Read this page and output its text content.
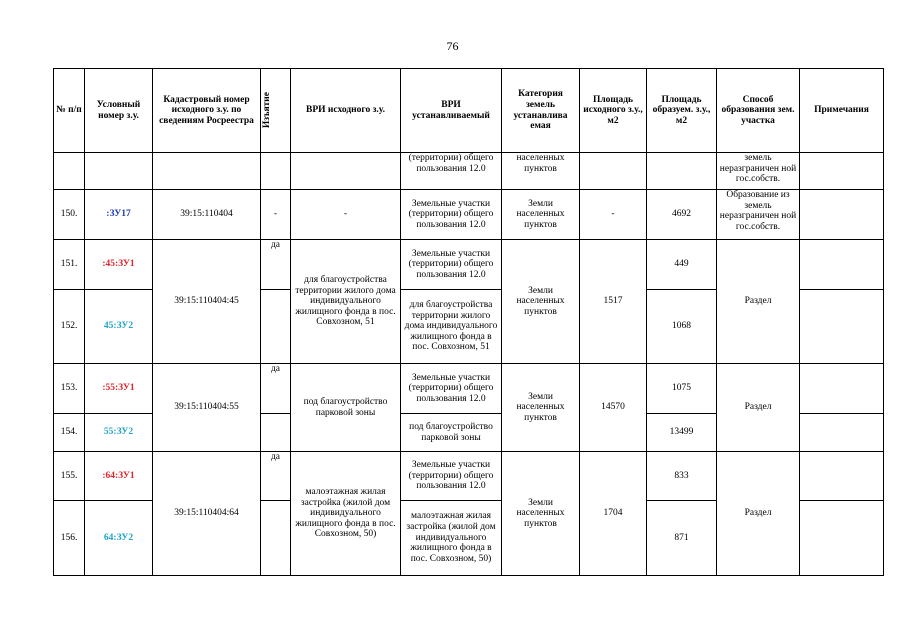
76
№ п/п	Условный номер з.у.	Кадастровый номер исходного з.у. по сведениям Росреестра	Изъятие	ВРИ исходного з.у.	ВРИ устанавливаемый	Категория земель устанавлива емая	Площадь исходного з.у., м2	Площадь образуем. з.у., м2	Способ образования зем. участка	Примечания
					(территории) общего пользования 12.0	населенных пунктов			земель неразграничен ной гос.собств.	
150.	:ЗУ17	39:15:110404	-	-	Земельные участки (территории) общего пользования 12.0	Земли населенных пунктов	-	4692	Образование из земель неразграничен ной гос.собств.	
151.	:45:ЗУ1	39:15:110404:45	да	для благоустройства территории жилого дома индивидуального жилищного фонда в пос. Совхозном, 51	Земельные участки (территории) общего пользования 12.0	Земли населенных пунктов	1517	449	Раздел	
152.	45:ЗУ2				для благоустройства территории жилого дома индивидуального жилищного фонда в пос. Совхозном, 51			1068		
153.	:55:ЗУ1	39:15:110404:55	да	под благоустройство парковой зоны	Земельные участки (территории) общего пользования 12.0	Земли населенных пунктов	14570	1075	Раздел	
154.	55:ЗУ2				под благоустройство парковой зоны			13499		
155.	:64:ЗУ1	39:15:110404:64	да	малоэтажная жилая застройка (жилой дом индивидуального жилищного фонда в пос. Совхозном, 50)	Земельные участки (территории) общего пользования 12.0	Земли населенных пунктов	1704	833	Раздел	
156.	64:ЗУ2				малоэтажная жилая застройка (жилой дом индивидуального жилищного фонда в пос. Совхозном, 50)			871		
